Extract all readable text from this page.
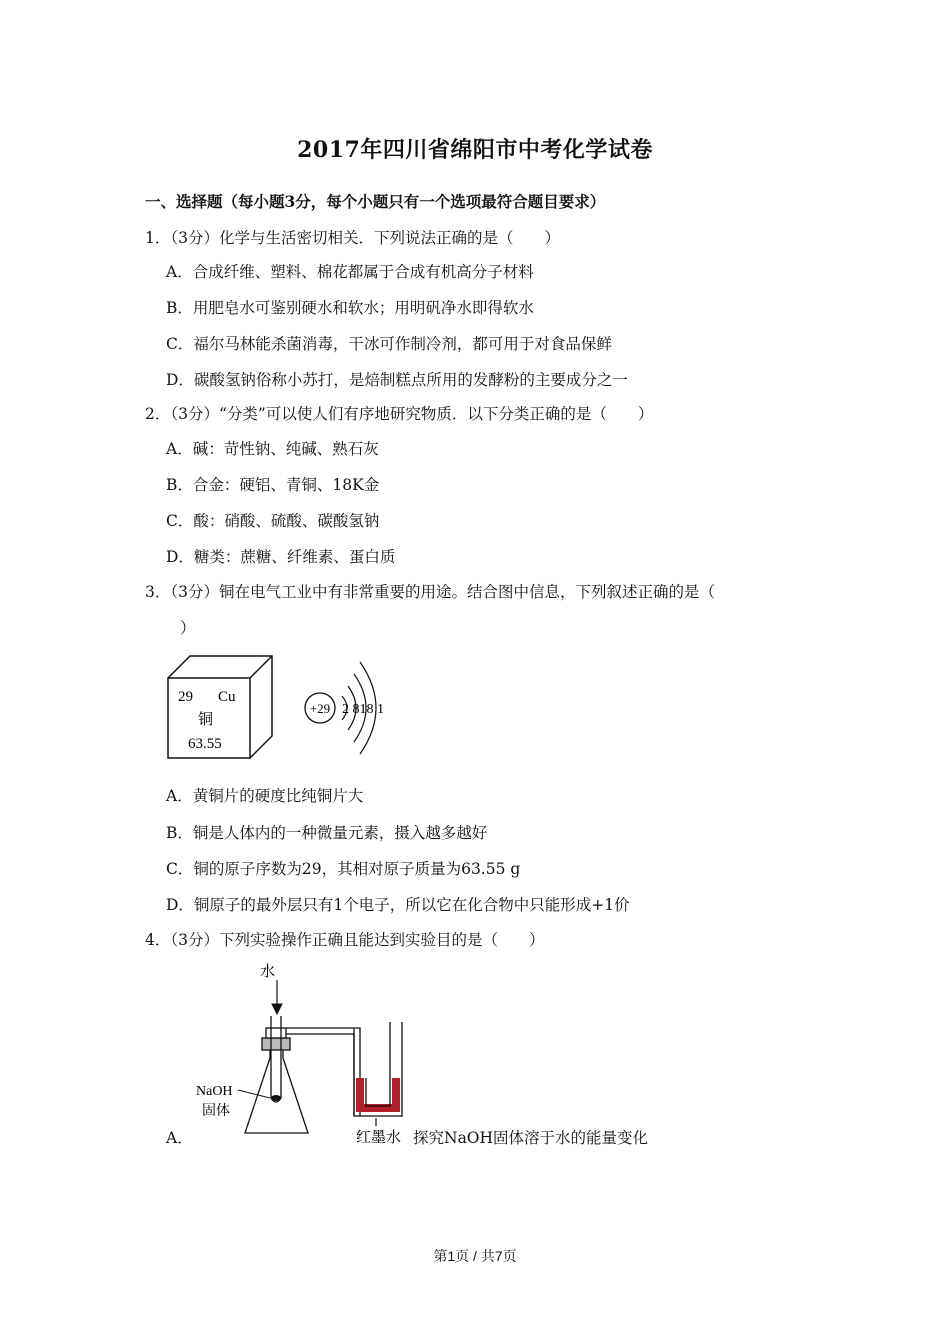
2017年四川省绵阳市中考化学试卷
一、选择题（每小题3分，每个小题只有一个选项最符合题目要求）
1．（3分）化学与生活密切相关．下列说法正确的是（　　）
A．合成纤维、塑料、棉花都属于合成有机高分子材料
B．用肥皂水可鉴别硬水和软水；用明矾净水即得软水
C．福尔马林能杀菌消毒，干冰可作制冷剂，都可用于对食品保鲜
D．碳酸氢钠俗称小苏打，是焙制糕点所用的发酵粉的主要成分之一
2．（3分）“分类”可以使人们有序地研究物质．以下分类正确的是（　　）
A．碱：苛性钠、纯碱、熟石灰
B．合金：硬铝、青铜、18K金
C．酸：硝酸、硫酸、碳酸氢钠
D．糖类：蔗糖、纤维素、蛋白质
3．（3分）铜在电气工业中有非常重要的用途。结合图中信息，下列叙述正确的是（
）
29 Cu
铜
63.55
+29 2 818 1
A．黄铜片的硬度比纯铜片大
B．铜是人体内的一种微量元素，摄入越多越好
C．铜的原子序数为29，其相对原子质量为63.55 g
D．铜原子的最外层只有1个电子，所以它在化合物中只能形成+1价
4．（3分）下列实验操作正确且能达到实验目的是（　　）
水
NaOH
固体
红墨水
A．	探究NaOH固体溶于水的能量变化
第1页 / 共7页
